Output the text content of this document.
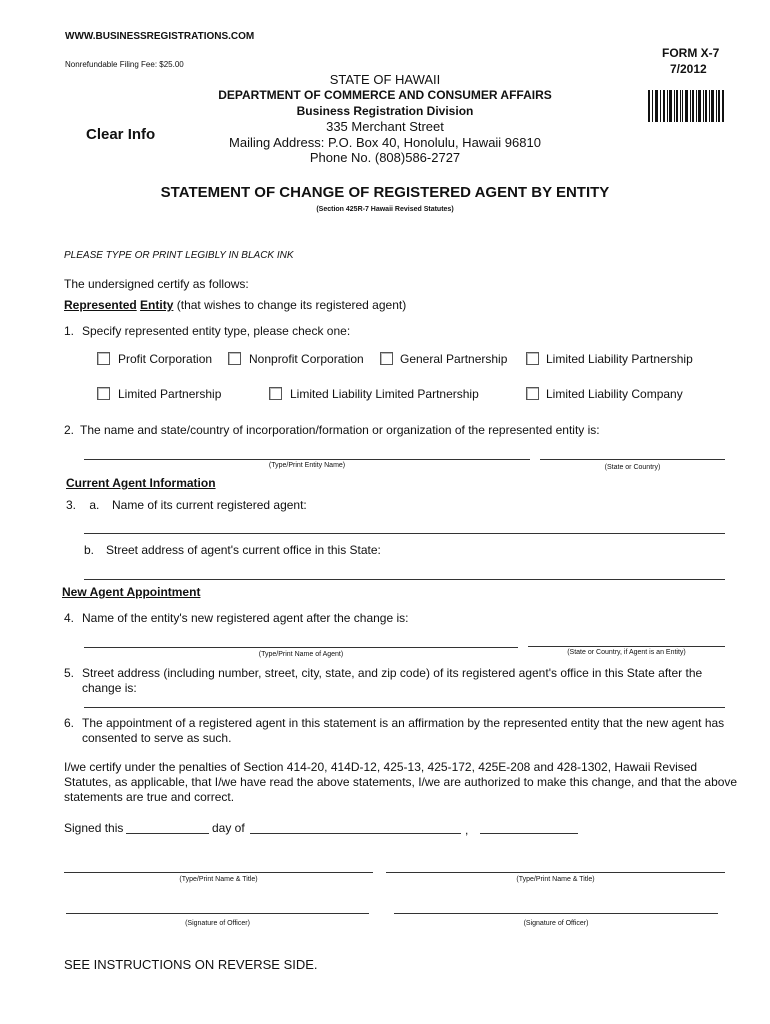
WWW.BUSINESSREGISTRATIONS.COM
Nonrefundable Filing Fee: $25.00
FORM X-7
7/2012
STATE OF HAWAII
DEPARTMENT OF COMMERCE AND CONSUMER AFFAIRS
Business Registration Division
335 Merchant Street
Mailing Address: P.O. Box 40, Honolulu, Hawaii 96810
Phone No. (808)586-2727
Clear Info
STATEMENT OF CHANGE OF REGISTERED AGENT BY ENTITY
(Section 425R-7 Hawaii Revised Statutes)
PLEASE TYPE OR PRINT LEGIBLY IN BLACK INK
The undersigned certify as follows:
Represented Entity (that wishes to change its registered agent)
1. Specify represented entity type, please check one:
Profit Corporation	Nonprofit Corporation	General Partnership	Limited Liability Partnership
Limited Partnership	Limited Liability Limited Partnership	Limited Liability Company
2. The name and state/country of incorporation/formation or organization of the represented entity is:
(Type/Print Entity Name)	(State or Country)
Current Agent Information
3.    a. Name of its current registered agent:
b. Street address of agent's current office in this State:
New Agent Appointment
4. Name of the entity's new registered agent after the change is:
(Type/Print Name of Agent)	(State or Country, if Agent is an Entity)
5. Street address (including number, street, city, state, and zip code) of its registered agent's office in this State after the
change is:
6. The appointment of a registered agent in this statement is an affirmation by the represented entity that the new agent has
consented to serve as such.
I/we certify under the penalties of Section 414-20, 414D-12, 425-13, 425-172, 425E-208 and 428-1302, Hawaii Revised
Statutes, as applicable, that I/we have read the above statements, I/we are authorized to make this change, and that the above
statements are true and correct.
Signed this	day of	,
(Type/Print Name & Title)	(Type/Print Name & Title)
(Signature of Officer)	(Signature of Officer)
SEE INSTRUCTIONS ON REVERSE SIDE.
